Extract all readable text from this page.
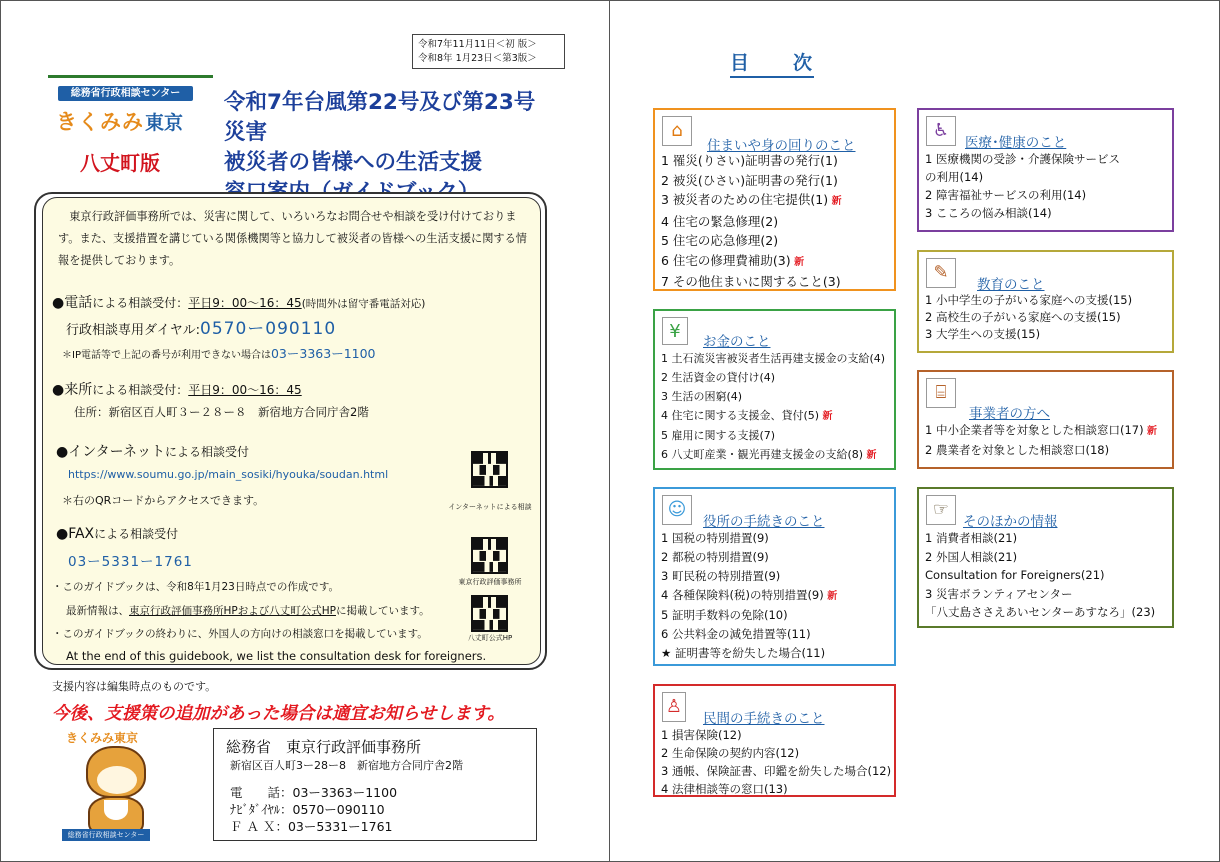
令和7年11月11日＜初 版＞
令和8年 1月23日＜第3版＞
総務省行政相談センター
きくみみ 東京
八丈町版
令和7年台風第22号及び第23号災害
被災者の皆様への生活支援
東京行政評価事務所では、災害に関して、いろいろなお問合せや相談を受け付けております。また、支援措置を講じている関係機関等と協力して被災者の皆様への生活支援に関する情報を提供しております。
●電話による相談受付：平日9：00～16：45(時間外は留守番電話対応)
行政相談専用ダイヤル:0570ー090110
＊IP電話等で上記の番号が利用できない場合は03ー3363ー1100
●来所による相談受付：平日9：00～16：45
住所：新宿区百人町３ー２８ー８　新宿地方合同庁舎2階
●インターネットによる相談受付
https://www.soumu.go.jp/main_sosiki/hyouka/soudan.html
＊右のQRコードからアクセスできます。	インターネットによる相談
●FAXによる相談受付
03ー5331ー1761
東京行政評価事務所
八丈町公式HP
・このガイドブックは、令和8年1月23日時点での作成です。
最新情報は、東京行政評価事務所HPおよび八丈町公式HPに掲載しています。
・このガイドブックの終わりに、外国人の方向けの相談窓口を掲載しています。
At the end of this guidebook, we list the consultation desk for foreigners.
支援内容は編集時点のものです。
今後、支援策の追加があった場合は適宜お知らせします。
きくみみ東京
総務省行政相談センター
総務省　東京行政評価事務所
新宿区百人町3ー28ー8　新宿地方合同庁舎2階
電　　話：03ー3363ー1100
ﾅﾋﾞﾀﾞｲﾔﾙ：0570ー090110
Ｆ Ａ Ｘ：03ー5331ー1761
目　　次
⌂
住まいや身の回りのこと
1 罹災(りさい)証明書の発行(1)
2 被災(ひさい)証明書の発行(1)
3 被災者のための住宅提供(1) 新
4 住宅の緊急修理(2)
5 住宅の応急修理(2)
6 住宅の修理費補助(3) 新
7 その他住まいに関すること(3)
¥	お金のこと
1 土石流災害被災者生活再建支援金の支給(4)
2 生活資金の貸付け(4)
3 生活の困窮(4)
4 住宅に関する支援金、貸付(5) 新
5 雇用に関する支援(7)
6 八丈町産業・観光再建支援金の支給(8) 新
☺
役所の手続きのこと
1 国税の特別措置(9)
2 都税の特別措置(9)
3 町民税の特別措置(9)
4 各種保険料(税)の特別措置(9) 新
5 証明手数料の免除(10)
6 公共料金の減免措置等(11)
★ 証明書等を紛失した場合(11)
♙
民間の手続きのこと
1 損害保険(12)
2 生命保険の契約内容(12)
3 通帳、保険証書、印鑑を紛失した場合(12)
4 法律相談等の窓口(13)
♿
医療･健康のこと
1 医療機関の受診・介護保険サービス
の利用(14)
2 障害福祉サービスの利用(14)
3 こころの悩み相談(14)
✎
教育のこと
1 小中学生の子がいる家庭への支援(15)
2 高校生の子がいる家庭への支援(15)
3 大学生への支援(15)
⌸
事業者の方へ
1 中小企業者等を対象とした相談窓口(17) 新
2 農業者を対象とした相談窓口(18)
☞
そのほかの情報
1 消費者相談(21)
2 外国人相談(21)
Consultation for Foreigners(21)
3 災害ボランティアセンター
「八丈島ささえあいセンターあすなろ」(23)
